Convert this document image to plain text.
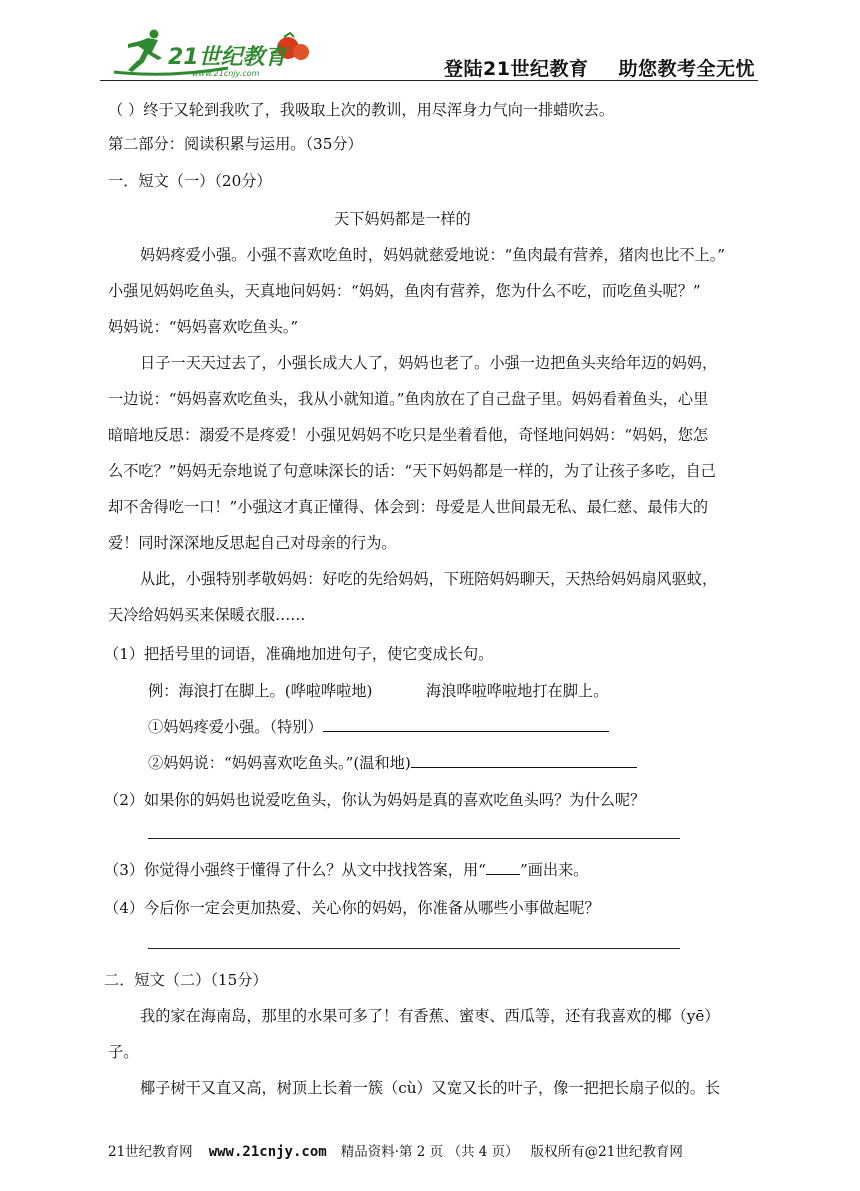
21世纪教育
www.21cnjy.com	登陆21世纪教育 助您教考全无忧
（ ）终于又轮到我吹了，我吸取上次的教训，用尽浑身力气向一排蜡吹去。
第二部分：阅读积累与运用。（35分）
一．短文（一）（20分）
天下妈妈都是一样的
妈妈疼爱小强。小强不喜欢吃鱼时，妈妈就慈爱地说：“鱼肉最有营养，猪肉也比不上。”
小强见妈妈吃鱼头，天真地问妈妈：“妈妈，鱼肉有营养，您为什么不吃，而吃鱼头呢？”
妈妈说：“妈妈喜欢吃鱼头。”
日子一天天过去了，小强长成大人了，妈妈也老了。小强一边把鱼头夹给年迈的妈妈，
一边说：“妈妈喜欢吃鱼头，我从小就知道。”鱼肉放在了自己盘子里。妈妈看着鱼头，心里
暗暗地反思：溺爱不是疼爱！小强见妈妈不吃只是坐着看他，奇怪地问妈妈：“妈妈，您怎
么不吃？”妈妈无奈地说了句意味深长的话：“天下妈妈都是一样的，为了让孩子多吃，自己
却不舍得吃一口！”小强这才真正懂得、体会到：母爱是人世间最无私、最仁慈、最伟大的
爱！同时深深地反思起自己对母亲的行为。
从此，小强特别孝敬妈妈：好吃的先给妈妈，下班陪妈妈聊天，天热给妈妈扇风驱蚊，
天冷给妈妈买来保暖衣服……
（1）把括号里的词语，准确地加进句子，使它变成长句。
例：海浪打在脚上。(哗啦哗啦地)	海浪哗啦哗啦地打在脚上。
①妈妈疼爱小强。（特别）
②妈妈说：“妈妈喜欢吃鱼头。”(温和地)
（2）如果你的妈妈也说爱吃鱼头，你认为妈妈是真的喜欢吃鱼头吗？为什么呢？
（3）你觉得小强终于懂得了什么？从文中找找答案，用“ ”画出来。
（4）今后你一定会更加热爱、关心你的妈妈，你准备从哪些小事做起呢？
二．短文（二）（15分）
我的家在海南岛，那里的水果可多了！有香蕉、蜜枣、西瓜等，还有我喜欢的椰（yē）
子。
椰子树干又直又高，树顶上长着一簇（cù）又宽又长的叶子，像一把把长扇子似的。长
21世纪教育网 www.21cnjy.com 精品资料·第 2 页 （共 4 页） 版权所有@21世纪教育网
